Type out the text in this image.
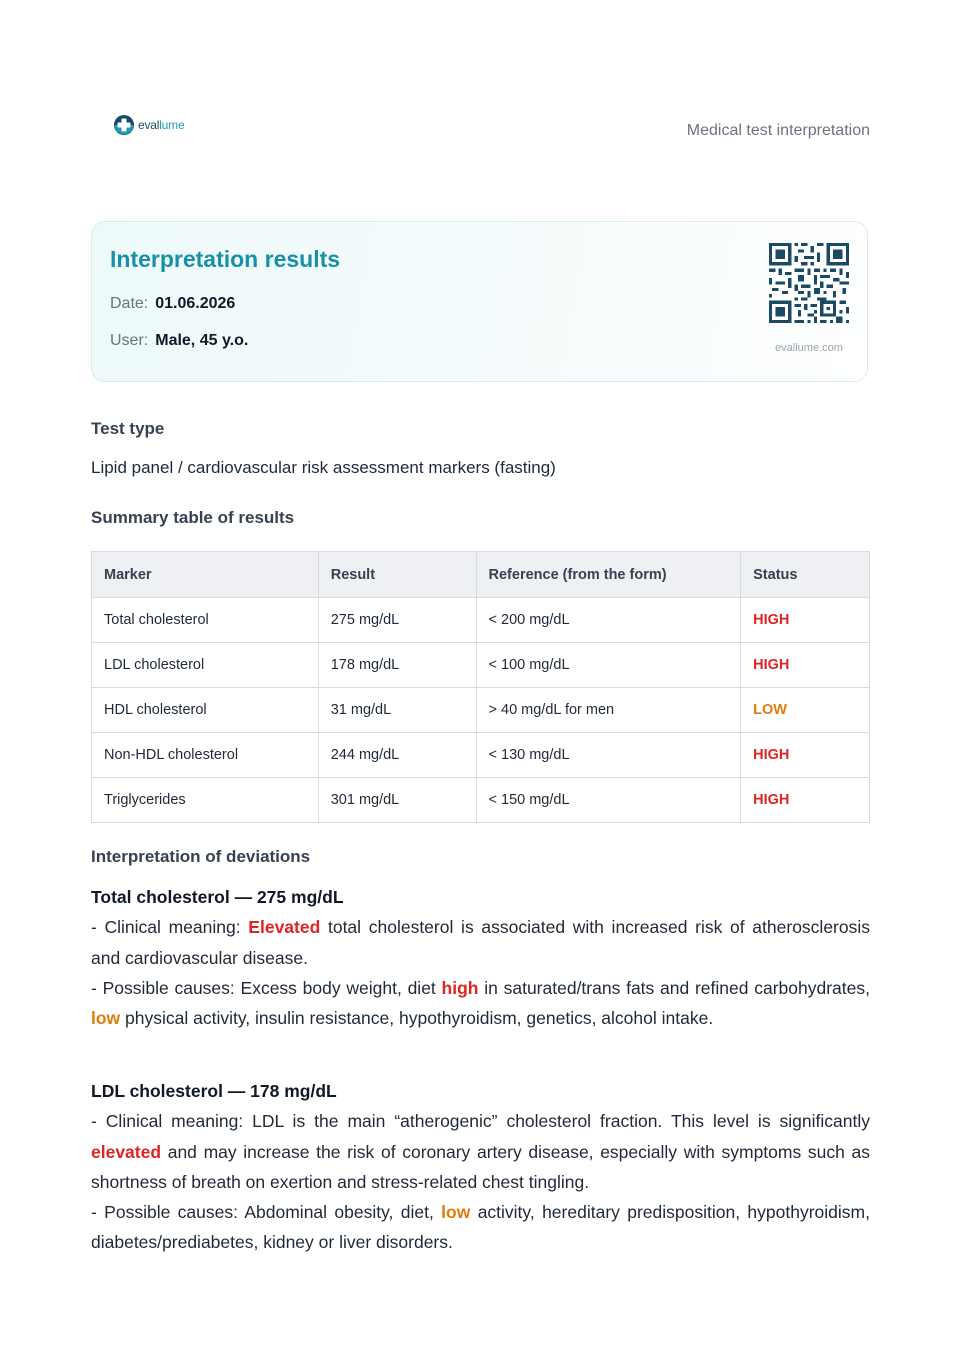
evallume	Medical test interpretation
Interpretation results
Date: 01.06.2026
User: Male, 45 y.o.	evallume.com
Test type
Lipid panel / cardiovascular risk assessment markers (fasting)
Summary table of results
Marker	Result	Reference (from the form)	Status
Total cholesterol	275 mg/dL	< 200 mg/dL	HIGH
LDL cholesterol	178 mg/dL	< 100 mg/dL	HIGH
HDL cholesterol	31 mg/dL	> 40 mg/dL for men	LOW
Non-HDL cholesterol	244 mg/dL	< 130 mg/dL	HIGH
Triglycerides	301 mg/dL	< 150 mg/dL	HIGH
Interpretation of deviations
Total cholesterol — 275 mg/dL

- Clinical meaning: Elevated total cholesterol is associated with increased risk of atherosclerosis and cardiovascular disease.

- Possible causes: Excess body weight, diet high in saturated/trans fats and refined carbohydrates, low physical activity, insulin resistance, hypothyroidism, genetics, alcohol intake.

LDL cholesterol — 178 mg/dL

- Clinical meaning: LDL is the main “atherogenic” cholesterol fraction. This level is significantly elevated and may increase the risk of coronary artery disease, especially with symptoms such as shortness of breath on exertion and stress-related chest tingling.

- Possible causes: Abdominal obesity, diet, low activity, hereditary predisposition, hypothyroidism, diabetes/prediabetes, kidney or liver disorders.
